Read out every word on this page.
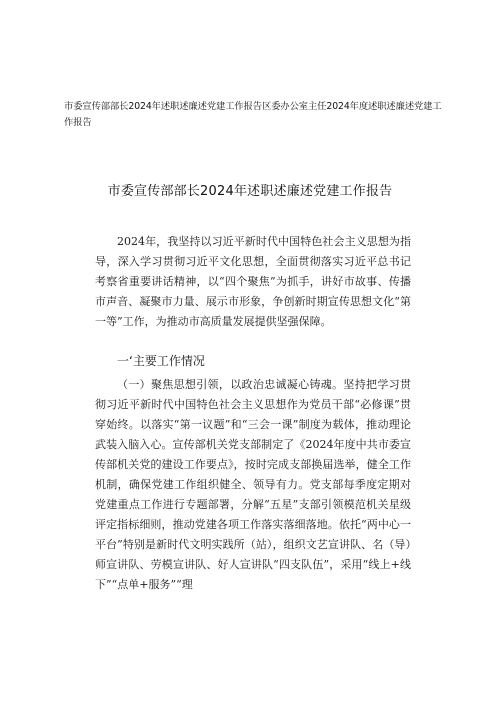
市委宣传部部长2024年述职述廉述党建工作报告区委办公室主任2024年度述职述廉述党建工作报告
市委宣传部部长2024年述职述廉述党建工作报告

2024年，我坚持以习近平新时代中国特色社会主义思想为指导，深入学习贯彻习近平文化思想，全面贯彻落实习近平总书记考察省重要讲话精神，以“四个聚焦”为抓手，讲好市故事、传播市声音、凝聚市力量、展示市形象，争创新时期宣传思想文化“第一等”工作，为推动市高质量发展提供坚强保障。

一‘主要工作情况

（一）聚焦思想引领，以政治忠诚凝心铸魂。坚持把学习贯彻习近平新时代中国特色社会主义思想作为党员干部“必修课”贯穿始终。以落实“第一议题”和“三会一课”制度为载体，推动理论武装入脑入心。宣传部机关党支部制定了《2024年度中共市委宣传部机关党的建设工作要点》，按时完成支部换届选举，健全工作机制，确保党建工作组织健全、领导有力。党支部每季度定期对党建重点工作进行专题部署，分解“五星”支部引领模范机关星级评定指标细则，推动党建各项工作落实落细落地。依托“两中心一平台”特别是新时代文明实践所（站），组织文艺宣讲队、名（导）师宣讲队、劳模宣讲队、好人宣讲队“四支队伍”，采用“线上+线下”“点单+服务”“理
